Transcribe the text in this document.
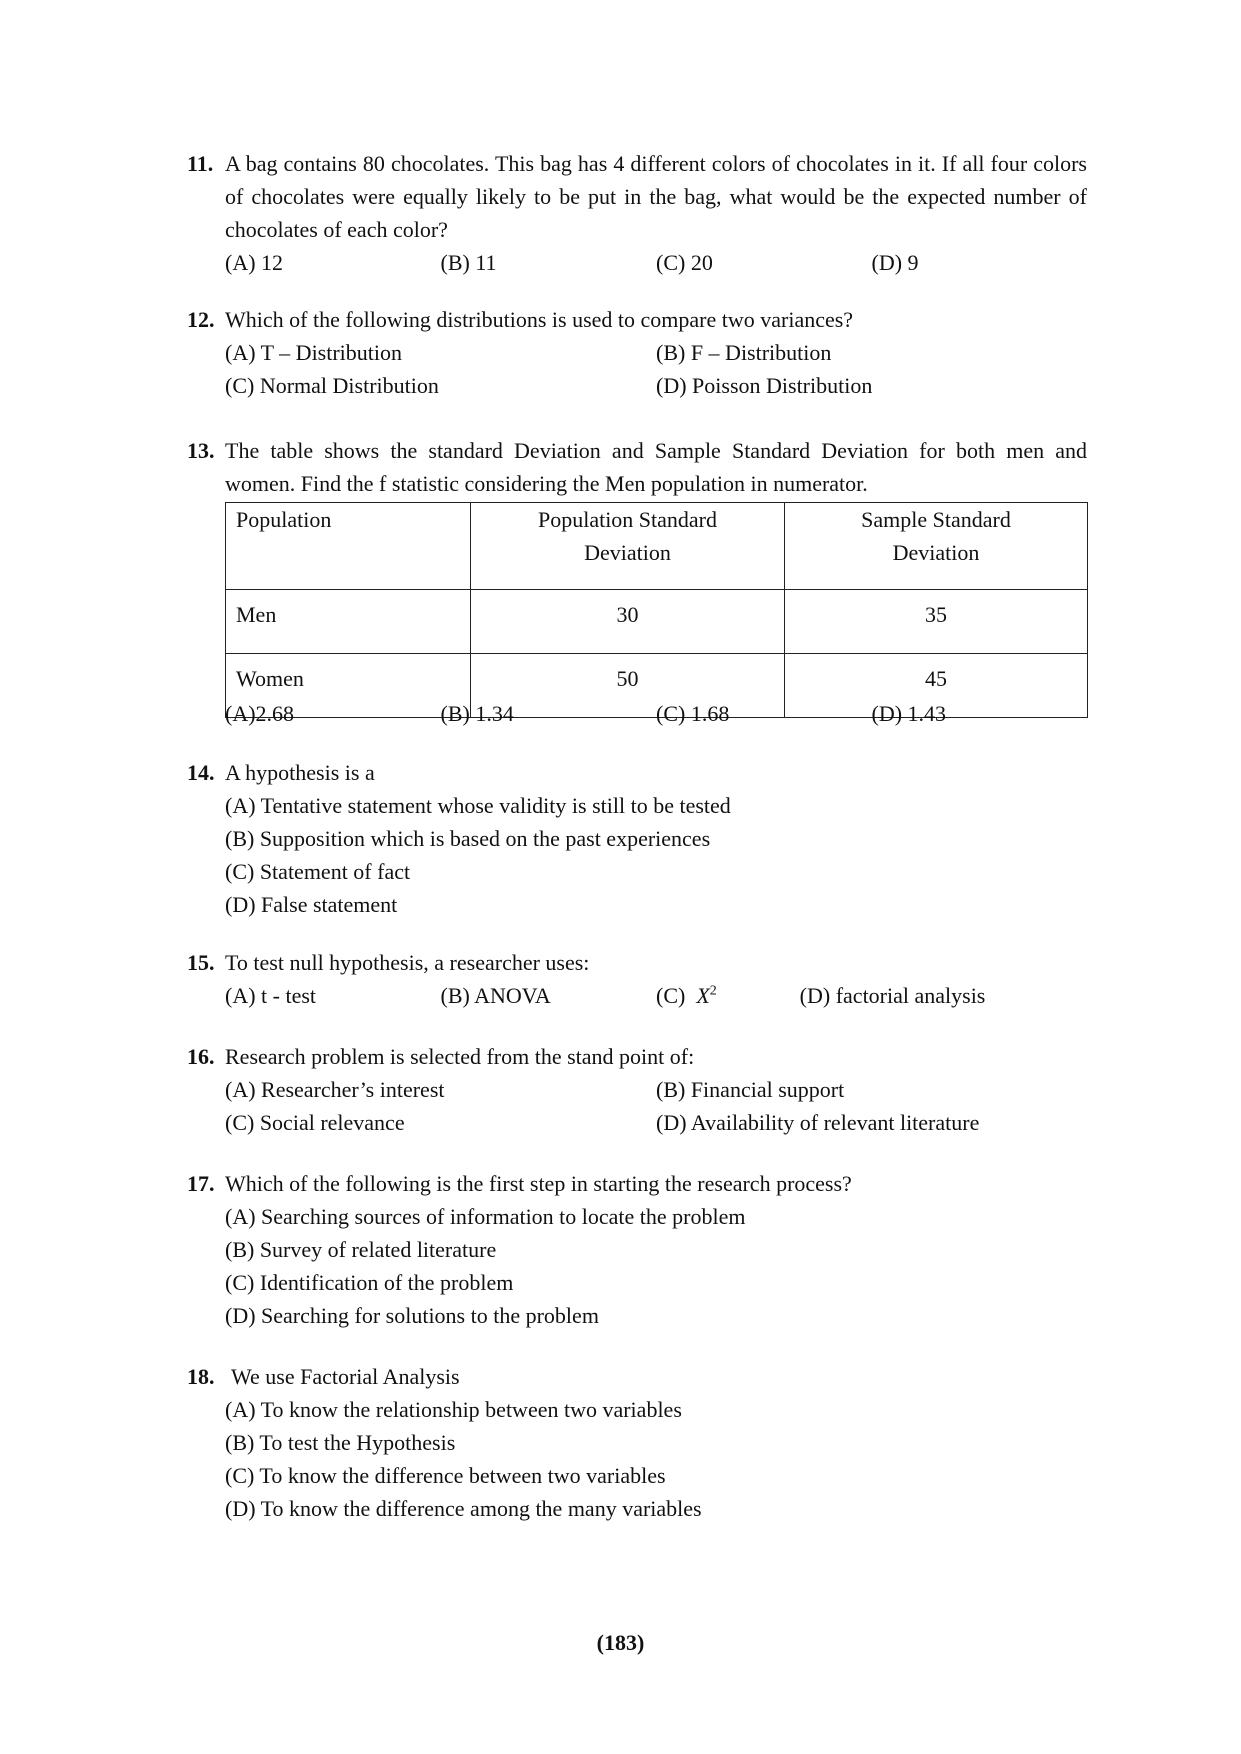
11. A bag contains 80 chocolates. This bag has 4 different colors of chocolates in it. If all four colors of chocolates were equally likely to be put in the bag, what would be the expected number of chocolates of each color?
(A) 12	(B) 11	(C) 20	(D) 9
12. Which of the following distributions is used to compare two variances?
(A) T – Distribution	(B) F – Distribution
(C) Normal Distribution	(D) Poisson Distribution
13. The table shows the standard Deviation and Sample Standard Deviation for both men and women. Find the f statistic considering the Men population in numerator.
Population	Population Standard Deviation	Sample Standard Deviation
Men	30	35
Women	50	45
(A)2.68	(B) 1.34	(C) 1.68	(D) 1.43
14. A hypothesis is a
(A) Tentative statement whose validity is still to be tested
(B) Supposition which is based on the past experiences
(C) Statement of fact
(D) False statement
15. To test null hypothesis, a researcher uses:
(A) t - test	(B) ANOVA	(C) $X^2$	(D) factorial analysis
16. Research problem is selected from the stand point of:
(A) Researcher’s interest	(B) Financial support
(C) Social relevance	(D) Availability of relevant literature
17. Which of the following is the first step in starting the research process?
(A) Searching sources of information to locate the problem
(B) Survey of related literature
(C) Identification of the problem
(D) Searching for solutions to the problem
18. We use Factorial Analysis
(A) To know the relationship between two variables
(B) To test the Hypothesis
(C) To know the difference between two variables
(D) To know the difference among the many variables
(183)
